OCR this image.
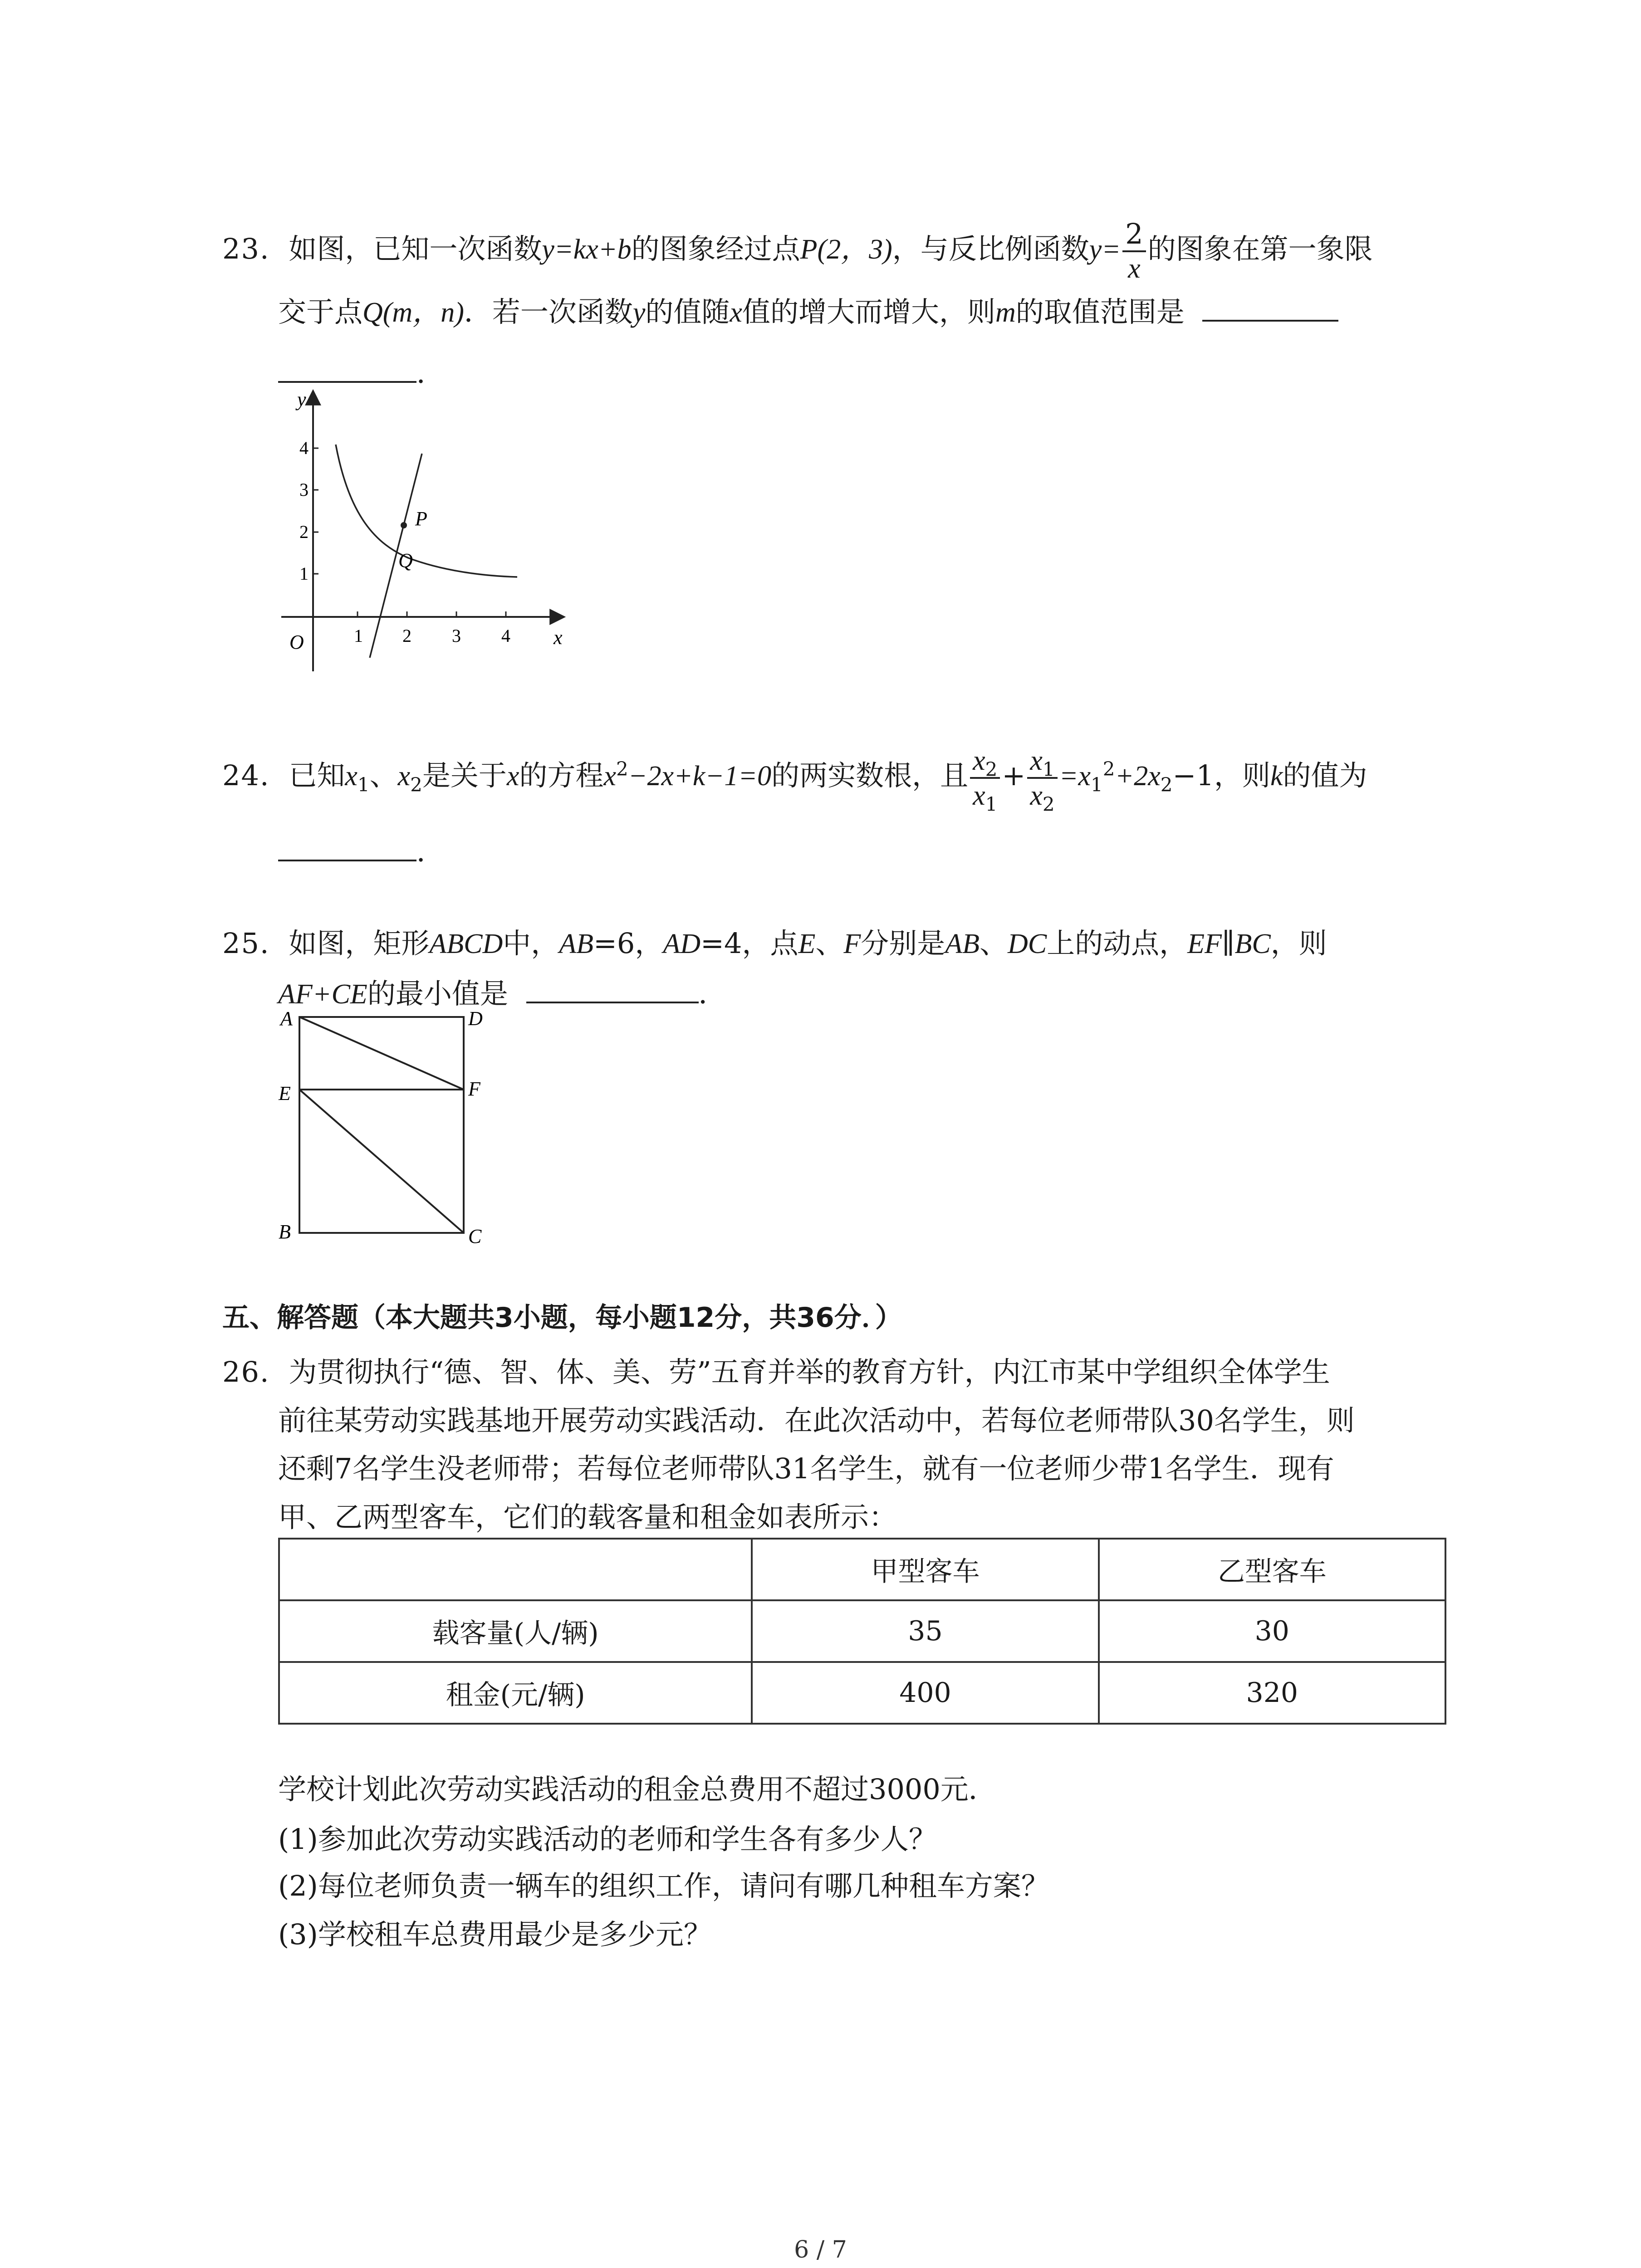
23. 如图，已知一次函数y=kx+b的图象经过点P(2，3)，与反比例函数$y= \frac{2}{x}$ 的图象在第一象限
交于点Q(m，n)．若一次函数y的值随x值的增大而增大，则m的取值范围是
．
y
x
O	1 2 3 4
1
2
3
4
P
Q
24. 已知$x_1$、$x_2$是关于x的方程$x^2-2x+k-1=0$的两实数根，且 $\frac{x_2}{x_1} + \frac{x_1}{x_2} =x_1^2+2x_2-1$，则k的值为
．
25. 如图，矩形ABCD中，AB=6，AD=4，点E、F分别是AB、DC上的动点，EF∥BC，则
AF+CE的最小值是	．
A	D
E	F
B	C
五、解答题（本大题共3小题，每小题12分，共36分．）
26. 为贯彻执行“德、智、体、美、劳”五育并举的教育方针，内江市某中学组织全体学生
前往某劳动实践基地开展劳动实践活动．在此次活动中，若每位老师带队30名学生，则
还剩7名学生没老师带；若每位老师带队31名学生，就有一位老师少带1名学生．现有
甲、乙两型客车，它们的载客量和租金如表所示：
	甲型客车	乙型客车
载客量(人/辆)	35	30
租金(元/辆)	400	320
学校计划此次劳动实践活动的租金总费用不超过3000元．
(1)参加此次劳动实践活动的老师和学生各有多少人？
(2)每位老师负责一辆车的组织工作，请问有哪几种租车方案？
(3)学校租车总费用最少是多少元？
6 / 7
